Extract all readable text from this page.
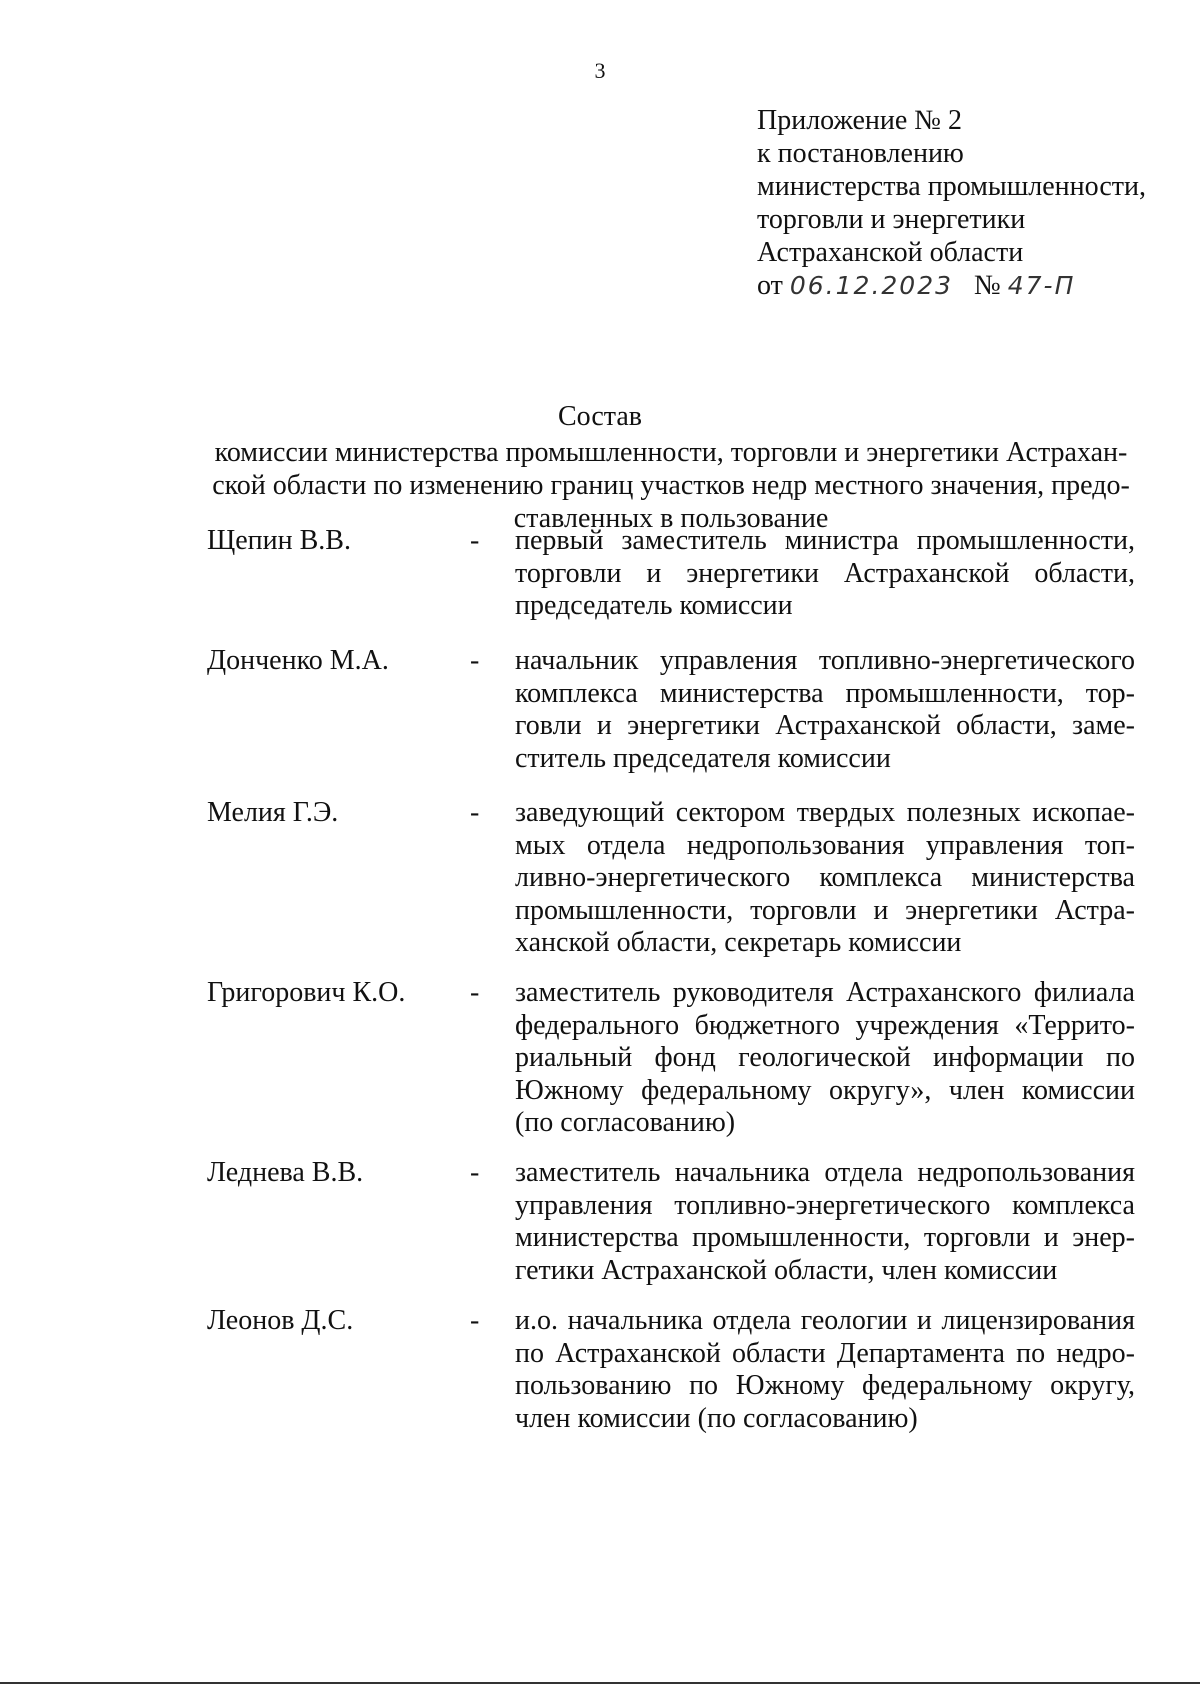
3
Приложение № 2
к постановлению
министерства промышленности,
торговли и энергетики
Астраханской области
от 06.12.2023 № 47-П
Состав
комиссии министерства промышленности, торговли и энергетики Астрахан-
ской области по изменению границ участков недр местного значения, предо-
ставленных в пользование
Щепин В.В.	- первый заместитель министра промышленности,
торговли и энергетики Астраханской области,
председатель комиссии
Донченко М.А.	- начальник управления топливно-энергетического
комплекса министерства промышленности, тор-
говли и энергетики Астраханской области, заме-
ститель председателя комиссии
Мелия Г.Э.	- заведующий сектором твердых полезных ископае-
мых отдела недропользования управления топ-
ливно-энергетического комплекса министерства
промышленности, торговли и энергетики Астра-
ханской области, секретарь комиссии
Григорович К.О. - заместитель руководителя Астраханского филиала
федерального бюджетного учреждения «Террито-
риальный фонд геологической информации по
Южному федеральному округу», член комиссии
(по согласованию)
Леднева В.В.	- заместитель начальника отдела недропользования
управления топливно-энергетического комплекса
министерства промышленности, торговли и энер-
гетики Астраханской области, член комиссии
Леонов Д.С.	- и.о. начальника отдела геологии и лицензирования
по Астраханской области Департамента по недро-
пользованию по Южному федеральному округу,
член комиссии (по согласованию)
